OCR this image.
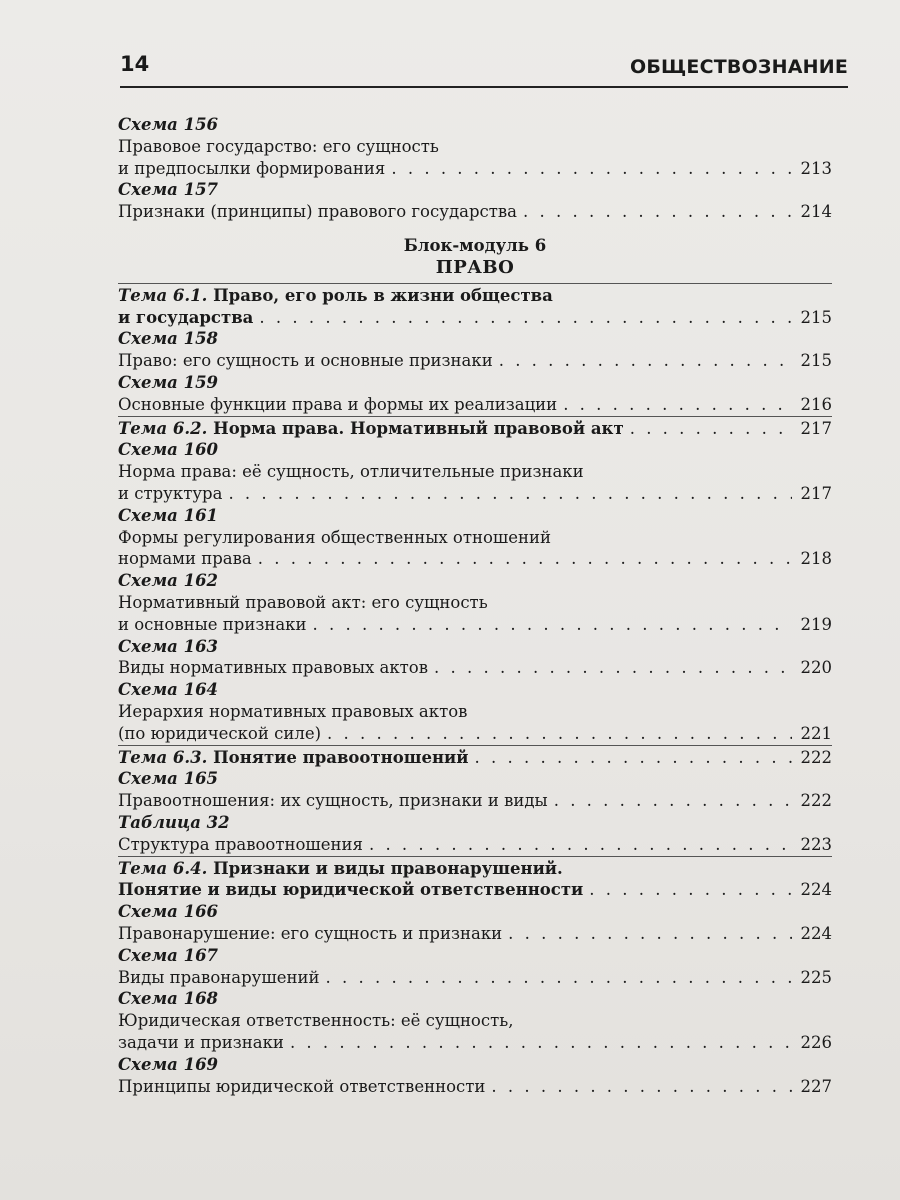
14	ОБЩЕСТВОЗНАНИЕ
Схема 156
Правовое государство: его сущность
и предпосылки формирования . . .	213
Схема 157
Признаки (принципы) правового государства . . .	214
Блок-модуль 6
ПРАВО
Тема 6.1. Право, его роль в жизни общества
и государства . . .	215
Схема 158
Право: его сущность и основные признаки . . .	215
Схема 159
Основные функции права и формы их реализации . . .	216
Тема 6.2. Норма права. Нормативный правовой акт . . .	217
Схема 160
Норма права: её сущность, отличительные признаки
и структура . . .	217
Схема 161
Формы регулирования общественных отношений
нормами права . . .	218
Схема 162
Нормативный правовой акт: его сущность
и основные признаки . . .	219
Схема 163
Виды нормативных правовых актов . . .	220
Схема 164
Иерархия нормативных правовых актов
(по юридической силе) . . .	221
Тема 6.3. Понятие правоотношений . . .	222
Схема 165
Правоотношения: их сущность, признаки и виды . . .	222
Таблица 32
Структура правоотношения . . .	223
Тема 6.4. Признаки и виды правонарушений.
Понятие и виды юридической ответственности . . .	224
Схема 166
Правонарушение: его сущность и признаки . . .	224
Схема 167
Виды правонарушений . . .	225
Схема 168
Юридическая ответственность: её сущность,
задачи и признаки . . .	226
Схема 169
Принципы юридической ответственности . . .	227
